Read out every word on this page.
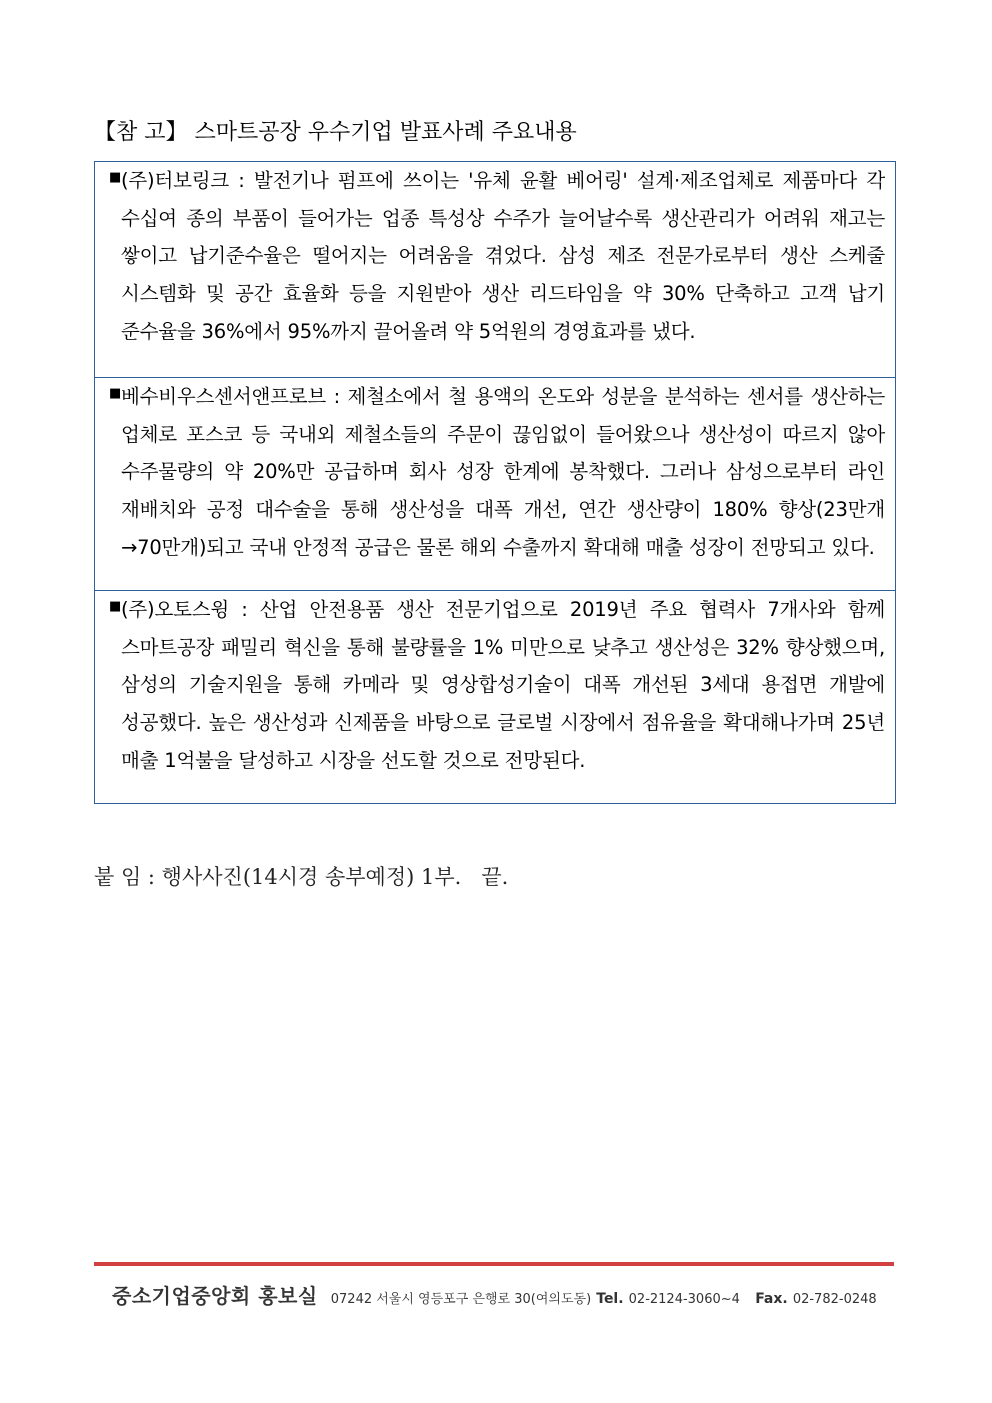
【참 고】 스마트공장 우수기업 발표사례 주요내용
■ (주)터보링크 : 발전기나 펌프에 쓰이는 '유체 윤활 베어링' 설계·제조업체로 제품마다 각 수십여 종의 부품이 들어가는 업종 특성상 수주가 늘어날수록 생산관리가 어려워 재고는 쌓이고 납기준수율은 떨어지는 어려움을 겪었다. 삼성 제조 전문가로부터 생산 스케줄 시스템화 및 공간 효율화 등을 지원받아 생산 리드타임을 약 30% 단축하고 고객 납기 준수율을 36%에서 95%까지 끌어올려 약 5억원의 경영효과를 냈다.

■ 베수비우스센서앤프로브 : 제철소에서 철 용액의 온도와 성분을 분석하는 센서를 생산하는 업체로 포스코 등 국내외 제철소들의 주문이 끊임없이 들어왔으나 생산성이 따르지 않아 수주물량의 약 20%만 공급하며 회사 성장 한계에 봉착했다. 그러나 삼성으로부터 라인 재배치와 공정 대수술을 통해 생산성을 대폭 개선, 연간 생산량이 180% 향상(23만개→70만개)되고 국내 안정적 공급은 물론 해외 수출까지 확대해 매출 성장이 전망되고 있다.

■ (주)오토스윙 : 산업 안전용품 생산 전문기업으로 2019년 주요 협력사 7개사와 함께 스마트공장 패밀리 혁신을 통해 불량률을 1% 미만으로 낮추고 생산성은 32% 향상했으며, 삼성의 기술지원을 통해 카메라 및 영상합성기술이 대폭 개선된 3세대 용접면 개발에 성공했다. 높은 생산성과 신제품을 바탕으로 글로벌 시장에서 점유율을 확대해나가며 25년 매출 1억불을 달성하고 시장을 선도할 것으로 전망된다.

붙 임 : 행사사진(14시경 송부예정) 1부.   끝.
중소기업중앙회 홍보실 07242 서울시 영등포구 은행로 30(여의도동) Tel. 02-2124-3060~4 Fax. 02-782-0248
